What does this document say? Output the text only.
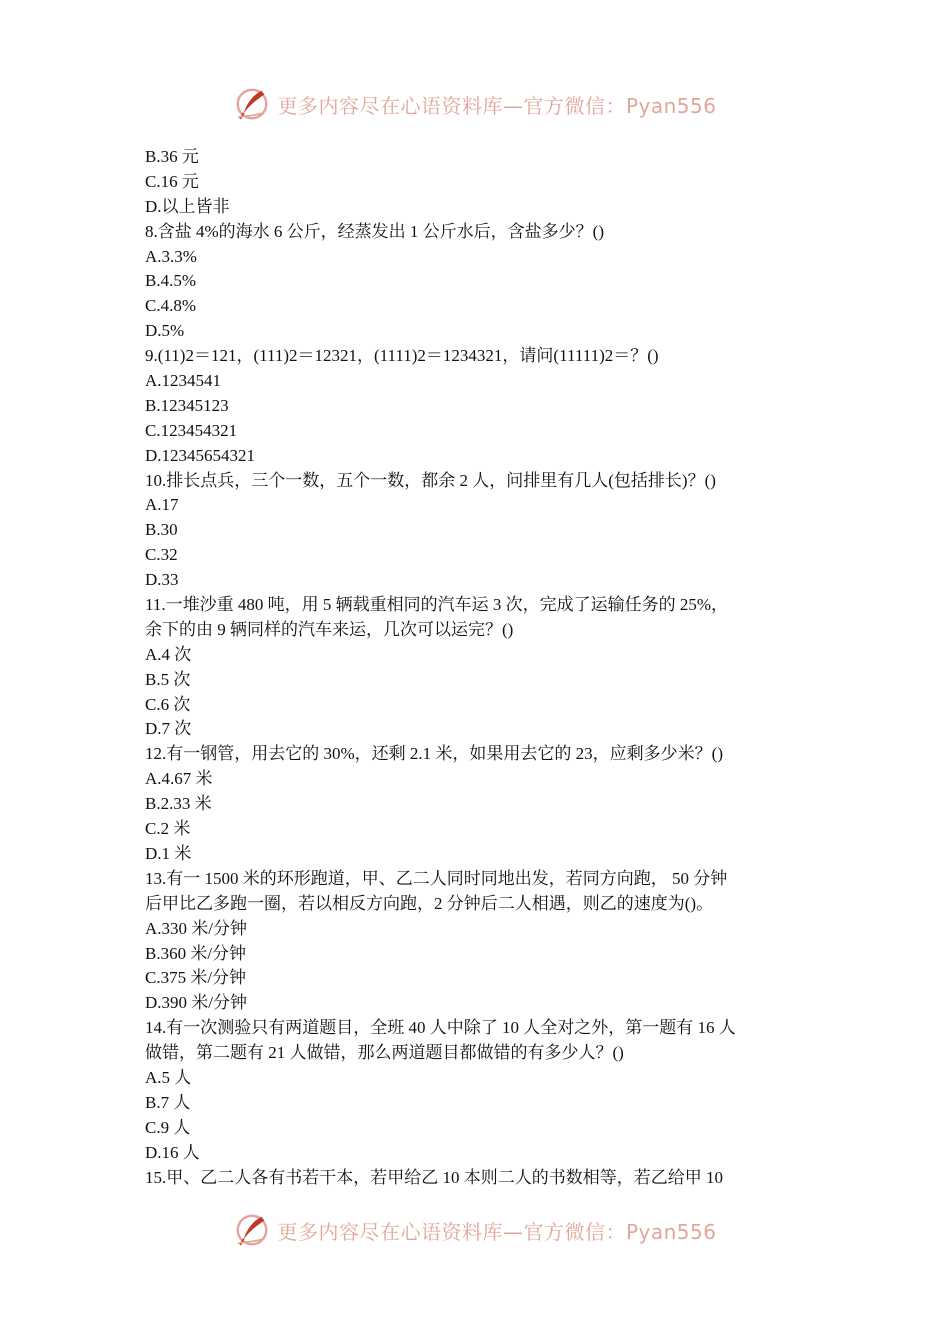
更多内容尽在心语资料库—官方微信：Pyan556
B.36 元
C.16 元
D.以上皆非
8.含盐 4%的海水 6 公斤，经蒸发出 1 公斤水后，含盐多少？()
A.3.3%
B.4.5%
C.4.8%
D.5%
9.(11)2＝121，(111)2＝12321，(1111)2＝1234321，请问(11111)2＝？()
A.1234541
B.12345123
C.123454321
D.12345654321
10.排长点兵，三个一数，五个一数，都余 2 人，问排里有几人(包括排长)？()
A.17
B.30
C.32
D.33
11.一堆沙重 480 吨，用 5 辆载重相同的汽车运 3 次，完成了运输任务的 25%，
余下的由 9 辆同样的汽车来运，几次可以运完？()
A.4 次
B.5 次
C.6 次
D.7 次
12.有一钢管，用去它的 30%，还剩 2.1 米，如果用去它的 23，应剩多少米？()
A.4.67 米
B.2.33 米
C.2 米
D.1 米
13.有一 1500 米的环形跑道，甲、乙二人同时同地出发，若同方向跑， 50 分钟
后甲比乙多跑一圈，若以相反方向跑，2 分钟后二人相遇，则乙的速度为()。
A.330 米/分钟
B.360 米/分钟
C.375 米/分钟
D.390 米/分钟
14.有一次测验只有两道题目，全班 40 人中除了 10 人全对之外，第一题有 16 人
做错，第二题有 21 人做错，那么两道题目都做错的有多少人？()
A.5 人
B.7 人
C.9 人
D.16 人
15.甲、乙二人各有书若干本，若甲给乙 10 本则二人的书数相等，若乙给甲 10
更多内容尽在心语资料库—官方微信：Pyan556
